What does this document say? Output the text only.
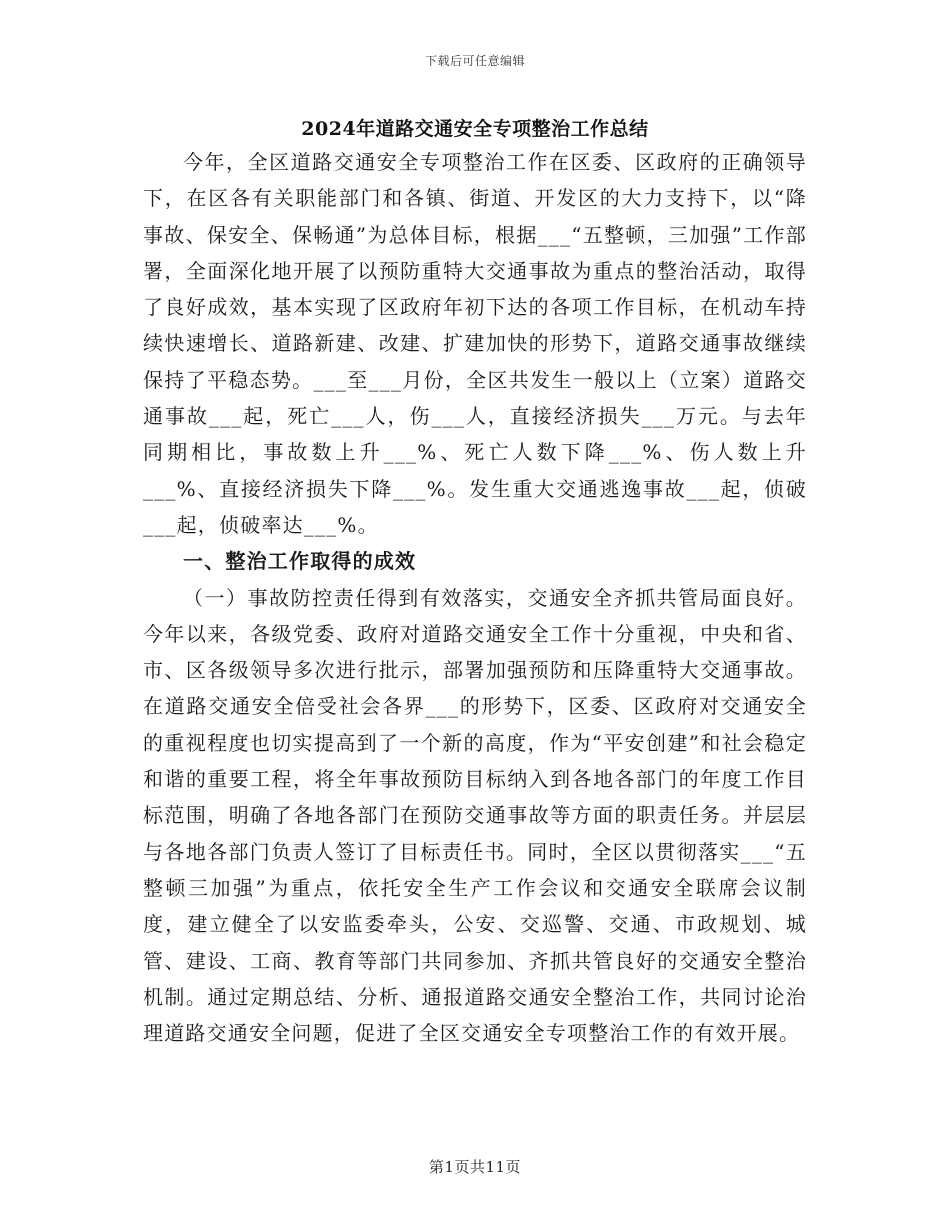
下载后可任意编辑
2024年道路交通安全专项整治工作总结

今年，全区道路交通安全专项整治工作在区委、区政府的正确领导下，在区各有关职能部门和各镇、街道、开发区的大力支持下，以“降事故、保安全、保畅通”为总体目标，根据___“五整顿，三加强”工作部署，全面深化地开展了以预防重特大交通事故为重点的整治活动，取得了良好成效，基本实现了区政府年初下达的各项工作目标，在机动车持续快速增长、道路新建、改建、扩建加快的形势下，道路交通事故继续保持了平稳态势。___至___月份，全区共发生一般以上（立案）道路交通事故___起，死亡___人，伤___人，直接经济损失___万元。与去年同期相比，事故数上升___%、死亡人数下降___%、伤人数上升___%、直接经济损失下降___%。发生重大交通逃逸事故___起，侦破___起，侦破率达___%。

一、整治工作取得的成效

（一）事故防控责任得到有效落实，交通安全齐抓共管局面良好。今年以来，各级党委、政府对道路交通安全工作十分重视，中央和省、市、区各级领导多次进行批示，部署加强预防和压降重特大交通事故。在道路交通安全倍受社会各界___的形势下，区委、区政府对交通安全的重视程度也切实提高到了一个新的高度，作为“平安创建”和社会稳定和谐的重要工程，将全年事故预防目标纳入到各地各部门的年度工作目标范围，明确了各地各部门在预防交通事故等方面的职责任务。并层层与各地各部门负责人签订了目标责任书。同时，全区以贯彻落实___“五整顿三加强”为重点，依托安全生产工作会议和交通安全联席会议制度，建立健全了以安监委牵头，公安、交巡警、交通、市政规划、城管、建设、工商、教育等部门共同参加、齐抓共管良好的交通安全整治机制。通过定期总结、分析、通报道路交通安全整治工作，共同讨论治理道路交通安全问题，促进了全区交通安全专项整治工作的有效开展。

第1页共11页
